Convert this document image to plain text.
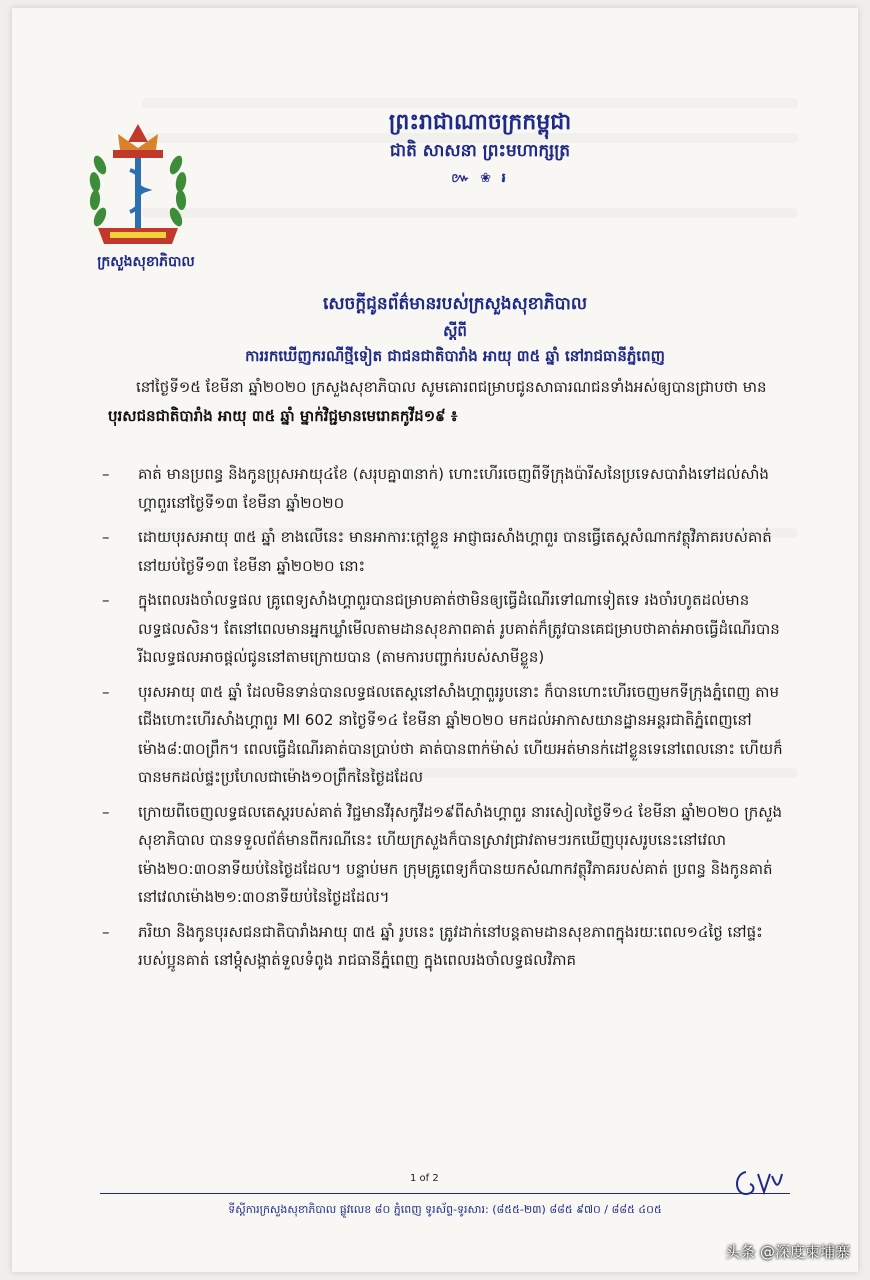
ក្រសួងសុខាភិបាល
ព្រះរាជាណាចក្រកម្ពុជា
ជាតិ សាសនា ព្រះមហាក្សត្រ
៚ ❀ ៛
សេចក្តីជូនព័ត៌មានរបស់ក្រសួងសុខាភិបាល
ស្តីពី
ការរកឃើញករណីថ្មីទៀត ជាជនជាតិបារាំង អាយុ ៣៥ ឆ្នាំ នៅរាជធានីភ្នំពេញ
នៅថ្ងៃទី១៥ ខែមីនា ឆ្នាំ២០២០ ក្រសួងសុខាភិបាល សូមគោរពជម្រាបជូនសាធារណជនទាំងអស់ឲ្យបានជ្រាបថា មាន បុរសជនជាតិបារាំង អាយុ ៣៥ ឆ្នាំ ម្នាក់វិជ្ជមានមេរោគកូវីដ១៩ ៖
– គាត់ មានប្រពន្ធ និងកូនប្រុសអាយុ៤ខែ (សរុបគ្នា៣នាក់) ហោះហើរចេញពីទីក្រុងប៉ារីសនៃប្រទេសបារាំងទៅដល់សាំងហ្គាពួរនៅថ្ងៃទី១៣ ខែមីនា ឆ្នាំ២០២០
– ដោយបុរសអាយុ ៣៥ ឆ្នាំ ខាងលើនេះ មានអាការៈក្តៅខ្លួន អាជ្ញាធរសាំងហ្គាពួរ បានធ្វើតេស្តសំណាកវត្ថុវិភាគរបស់គាត់នៅយប់ថ្ងៃទី១៣ ខែមីនា ឆ្នាំ២០២០ នោះ
– ក្នុងពេលរងចាំលទ្ធផល គ្រូពេទ្យសាំងហ្គាពួរបានជម្រាបគាត់ថាមិនឲ្យធ្វើដំណើរទៅណាទៀតទេ រងចាំរហូតដល់មានលទ្ធផលសិន។ តែនៅពេលមានអ្នកឃ្លាំមើលតាមដានសុខភាពគាត់ រូបគាត់ក៏ត្រូវបានគេជម្រាបថាគាត់អាចធ្វើដំណើរបាន រីឯលទ្ធផលអាចផ្តល់ជូននៅតាមក្រោយបាន (តាមការបញ្ជាក់របស់សាមីខ្លួន)
– បុរសអាយុ ៣៥ ឆ្នាំ ដែលមិនទាន់បានលទ្ធផលតេស្តនៅសាំងហ្គាពួររូបនោះ ក៏បានហោះហើរចេញមកទីក្រុងភ្នំពេញ តាមជើងហោះហើរសាំងហ្គាពួរ MI 602 នាថ្ងៃទី១៤ ខែមីនា ឆ្នាំ២០២០ មកដល់អាកាសយានដ្ឋានអន្តរជាតិភ្នំពេញនៅម៉ោង៨:៣០ព្រឹក។ ពេលធ្វើដំណើរគាត់បានប្រាប់ថា គាត់បានពាក់ម៉ាស់ ហើយអត់មានក់ដៅខ្លួនទេនៅពេលនោះ ហើយក៏បានមកដល់ផ្ទះប្រហែលជាម៉ោង១០ព្រឹកនៃថ្ងៃដដែល
– ក្រោយពីចេញលទ្ធផលតេស្តរបស់គាត់ វិជ្ជមានវីរុសកូវីដ១៩ពីសាំងហ្គាពួរ នារសៀលថ្ងៃទី១៤ ខែមីនា ឆ្នាំ២០២០ ក្រសួងសុខាភិបាល បានទទួលព័ត៌មានពីករណីនេះ ហើយក្រសួងក៏បានស្រាវជ្រាវតាមៗរកឃើញបុរសរូបនេះនៅវេលាម៉ោង២០:៣០នាទីយប់នៃថ្ងៃដដែល។ បន្ទាប់មក ក្រុមគ្រូពេទ្យក៏បានយកសំណាកវត្ថុវិភាគរបស់គាត់ ប្រពន្ធ និងកូនគាត់ នៅវេលាម៉ោង២១:៣០នាទីយប់នៃថ្ងៃដដែល។
– ភរិយា និងកូនបុរសជនជាតិបារាំងអាយុ ៣៥ ឆ្នាំ រូបនេះ ត្រូវដាក់នៅបន្តតាមដានសុខភាពក្នុងរយៈពេល១៤ថ្ងៃ នៅផ្ទះរបស់ប្អូនគាត់ នៅម្តុំសង្កាត់ទួលទំពូង រាជធានីភ្នំពេញ ក្នុងពេលរងចាំលទ្ធផលវិភាគ
1 of 2
ទីស្តីការក្រសួងសុខាភិបាល ផ្លូវលេខ ៨០ ភ្នំពេញ ទូរស័ព្ទ-ទូរសារ: (៨៥៥-២៣) ៨៨៥ ៩៧០ / ៨៨៥ ៤០៥
头条 @深度柬埔寨
